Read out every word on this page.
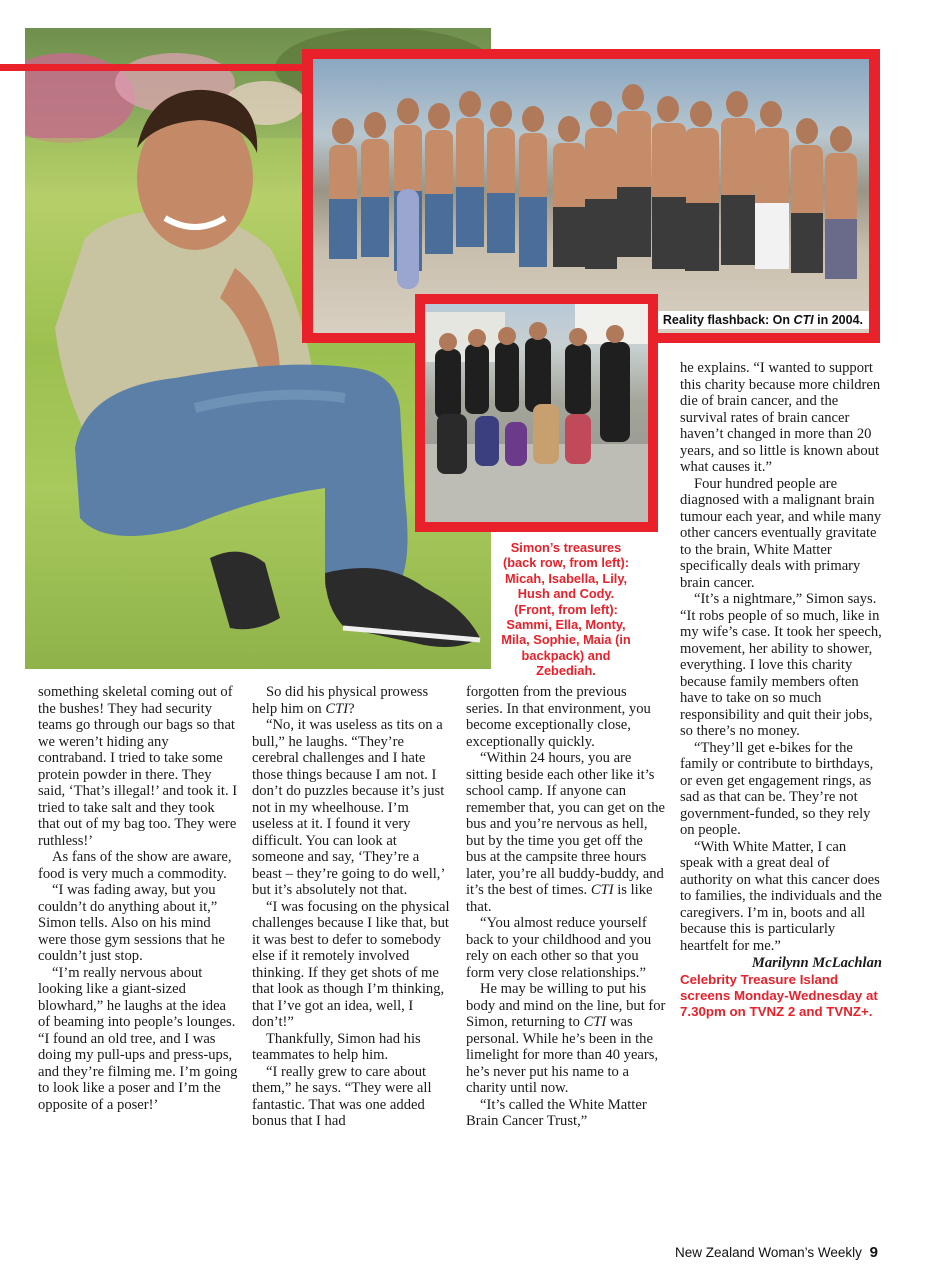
Reality flashback: On CTI in 2004.
Simon’s treasures (back row, from left): Micah, Isabella, Lily, Hush and Cody. (Front, from left): Sammi, Ella, Monty, Mila, Sophie, Maia (in backpack) and Zebediah.

he explains. “I wanted to support this charity because more children die of brain cancer, and the survival rates of brain cancer haven’t changed in more than 20 years, and so little is known about what causes it.”

Four hundred people are diagnosed with a malignant brain tumour each year, and while many other cancers eventually gravitate to the brain, White Matter specifically deals with primary brain cancer.

“It’s a nightmare,” Simon says. “It robs people of so much, like in my wife’s case. It took her speech, movement, her ability to shower, everything. I love this charity because family members often have to take on so much responsibility and quit their jobs, so there’s no money.

“They’ll get e-bikes for the family or contribute to birthdays, or even get engagement rings, as sad as that can be. They’re not government-funded, so they rely on people.

“With White Matter, I can speak with a great deal of authority on what this cancer does to families, the individuals and the caregivers. I’m in, boots and all because this is particularly heartfelt for me.”

Marilynn McLachlan

Celebrity Treasure Island screens Monday-Wednesday at 7.30pm on TVNZ 2 and TVNZ+.

something skeletal coming out of the bushes! They had security teams go through our bags so that we weren’t hiding any contraband. I tried to take some protein powder in there. They said, ‘That’s illegal!’ and took it. I tried to take salt and they took that out of my bag too. They were ruthless!’

As fans of the show are aware, food is very much a commodity.

“I was fading away, but you couldn’t do anything about it,” Simon tells. Also on his mind were those gym sessions that he couldn’t just stop.

“I’m really nervous about looking like a giant-sized blowhard,” he laughs at the idea of beaming into people’s lounges. “I found an old tree, and I was doing my pull-ups and press-ups, and they’re filming me. I’m going to look like a poser and I’m the opposite of a poser!’

So did his physical prowess help him on CTI?

“No, it was useless as tits on a bull,” he laughs. “They’re cerebral challenges and I hate those things because I am not. I don’t do puzzles because it’s just not in my wheelhouse. I’m useless at it. I found it very difficult. You can look at someone and say, ‘They’re a beast – they’re going to do well,’ but it’s absolutely not that.

“I was focusing on the physical challenges because I like that, but it was best to defer to somebody else if it remotely involved thinking. If they get shots of me that look as though I’m thinking, that I’ve got an idea, well, I don’t!”

Thankfully, Simon had his teammates to help him.

“I really grew to care about them,” he says. “They were all fantastic. That was one added bonus that I had

forgotten from the previous series. In that environment, you become exceptionally close, exceptionally quickly.

“Within 24 hours, you are sitting beside each other like it’s school camp. If anyone can remember that, you can get on the bus and you’re nervous as hell, but by the time you get off the bus at the campsite three hours later, you’re all buddy-buddy, and it’s the best of times. CTI is like that.

“You almost reduce yourself back to your childhood and you rely on each other so that you form very close relationships.”

He may be willing to put his body and mind on the line, but for Simon, returning to CTI was personal. While he’s been in the limelight for more than 40 years, he’s never put his name to a charity until now.

“It’s called the White Matter Brain Cancer Trust,”

New Zealand Woman’s Weekly 9
